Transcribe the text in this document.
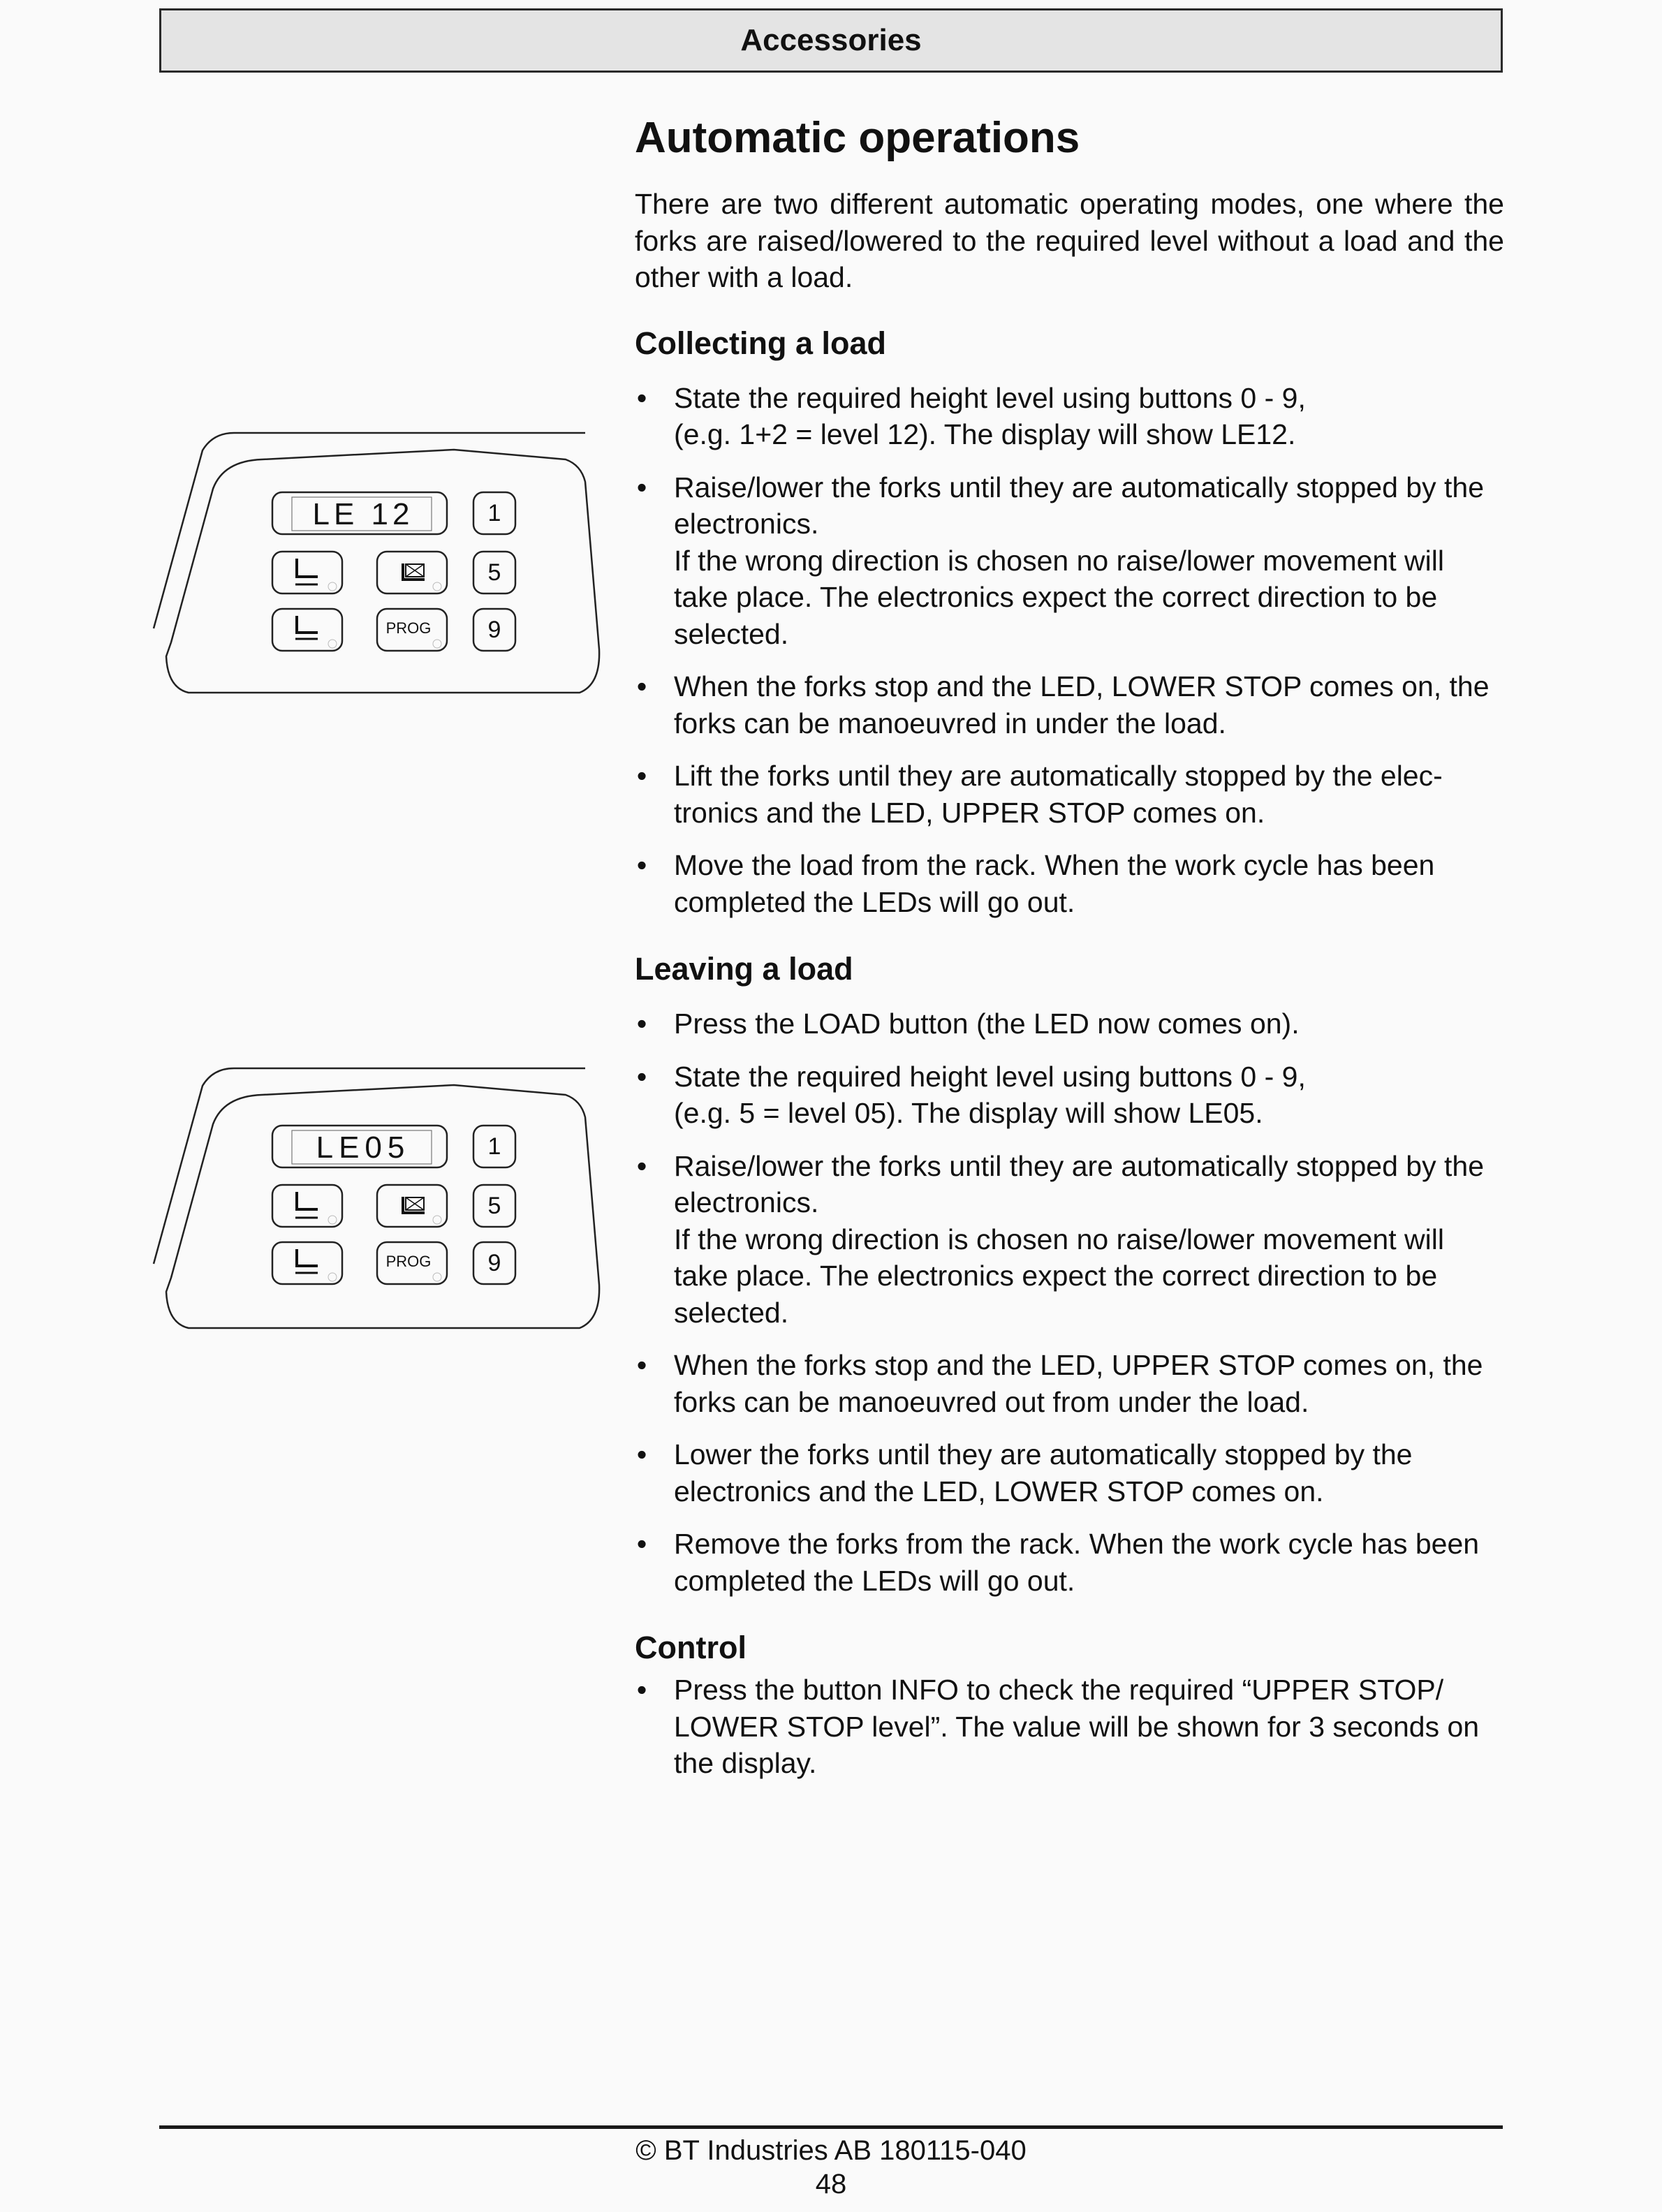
Accessories
LE 12	1
5
9
PROG
LE05	1
5
9
PROG
Automatic operations

There are two different automatic operating modes, one where the forks are raised/lowered to the required level without a load and the other with a load.

Collecting a load
• State the required height level using buttons 0 - 9,
(e.g. 1+2 = level 12). The display will show LE12.
• Raise/lower the forks until they are automatically stopped by the electronics.
If the wrong direction is chosen no raise/lower movement will take place. The electronics expect the correct direction to be selected.
• When the forks stop and the LED, LOWER STOP comes on, the forks can be manoeuvred in under the load.
• Lift the forks until they are automatically stopped by the elec-tronics and the LED, UPPER STOP comes on.
• Move the load from the rack. When the work cycle has been completed the LEDs will go out.
Leaving a load
• Press the LOAD button (the LED now comes on).
• State the required height level using buttons 0 - 9,
(e.g. 5 = level 05). The display will show LE05.
• Raise/lower the forks until they are automatically stopped by the electronics.
If the wrong direction is chosen no raise/lower movement will take place. The electronics expect the correct direction to be selected.
• When the forks stop and the LED, UPPER STOP comes on, the forks can be manoeuvred out from under the load.
• Lower the forks until they are automatically stopped by the electronics and the LED, LOWER STOP comes on.
• Remove the forks from the rack. When the work cycle has been completed the LEDs will go out.
Control
• Press the button INFO to check the required “UPPER STOP/ LOWER STOP level”. The value will be shown for 3 seconds on the display.
© BT Industries AB 180115-040
48
